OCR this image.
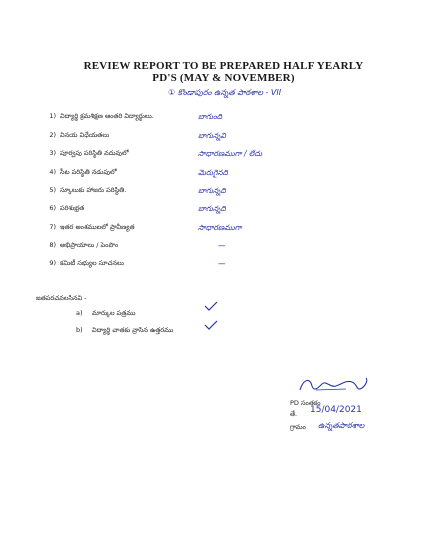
REVIEW REPORT TO BE PREPARED HALF YEARLY
PD'S (MAY & NOVEMBER)
① కొండాపురం ఉన్నత పాఠశాల - VII
1) విద్యార్థి క్రమశిక్షణ ఆంతరి విద్యార్థులు.	బాగుంది
2) వినయ విధేయతలు	బాగున్నవి
3) పూర్వపు పరిస్థితి వదువులో	సాధారణముగా / లేదు
4) సీట పరిస్థితి నడుపులో	మెరుగైనది
5) స్కూలుకు హాజరు పరిస్థితి.	బాగున్నది
6) పరిశుభ్రత	బాగున్నది
7) ఇతర అంశములలో ప్రావీణ్యత	సాధారణముగా
8) అభిప్రాయాలు / పెంపొం	—
9) కమిటీ సభ్యుల సూచనలు	—
జతపరచవలసినవి -
a) మార్కుల పత్రము
b) విద్యార్థి చాతకు వ్రాసిన ఉత్తరము
PD సంతకం
తే. 15/04/2021
గ్రామం ఉన్నతపాఠశాల
